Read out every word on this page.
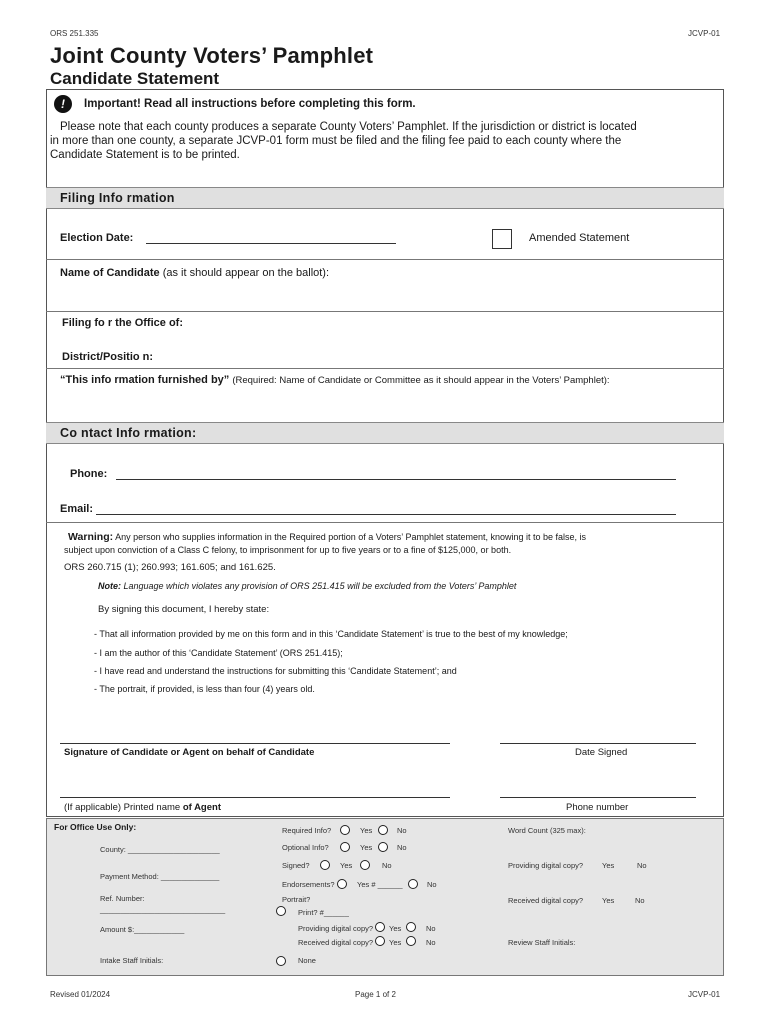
ORS 251.335	JCVP-01
Joint County Voters’ Pamphlet
Candidate Statement
!	Important! Read all instructions before completing this form.
Please note that each county produces a separate County Voters’ Pamphlet. If the jurisdiction or district is located
in more than one county, a separate JCVP-01 form must be filed and the filing fee paid to each county where the
Candidate Statement is to be printed.
Filing Info rmation
Election Date:	Amended Statement
Name of Candidate (as it should appear on the ballot):
Filing fo r the Office of:
District/Positio n:
“This info rmation furnished by” (Required: Name of Candidate or Committee as it should appear in the Voters’ Pamphlet):
Co ntact Info rmation:
Phone:
Email:
Warning: Any person who supplies information in the Required portion of a Voters’ Pamphlet statement, knowing it to be false, is
subject upon conviction of a Class C felony, to imprisonment for up to five years or to a fine of $125,000, or both.
ORS 260.715 (1); 260.993; 161.605; and 161.625.
Note: Language which violates any provision of ORS 251.415 will be excluded from the Voters’ Pamphlet
By signing this document, I hereby state:
- That all information provided by me on this form and in this ‘Candidate Statement’ is true to the best of my knowledge;
- I am the author of this ‘Candidate Statement’ (ORS 251.415);
- I have read and understand the instructions for submitting this ‘Candidate Statement’; and
- The portrait, if provided, is less than four (4) years old.
Signature of Candidate or Agent on behalf of Candidate	Date Signed
(If applicable) Printed name of Agent	Phone number
For Office Use Only:
County: ______________________
Payment Method: ______________
Ref. Number:
______________________________
Amount $:____________
Intake Staff Initials:
Required Info?	Yes	No
Optional Info?	Yes	No
Signed?	Yes	No
Endorsements?	Yes # ______	No
Portrait?
Print? #______
Providing digital copy? Yes	No
Received digital copy? Yes	No
None
Word Count (325 max):
Providing digital copy?	Yes	No
Received digital copy?	Yes	No
Review Staff Initials:
Revised 01/2024	Page 1 of 2	JCVP-01
